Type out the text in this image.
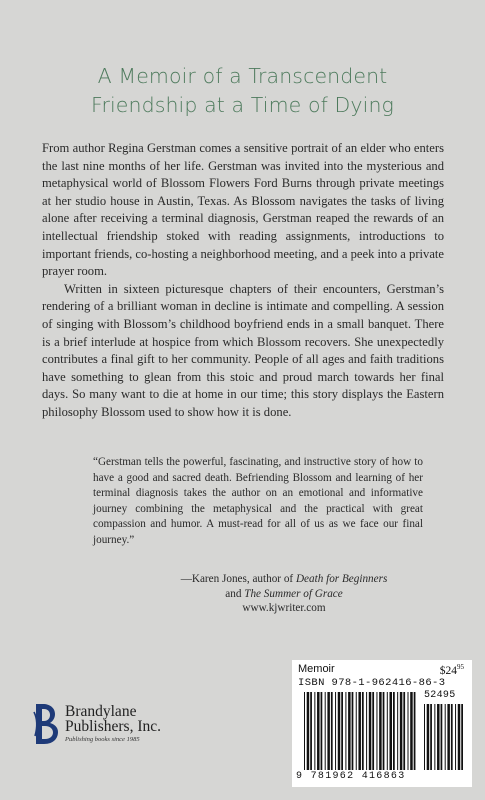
A Memoir of a Transcendent
Friendship at a Time of Dying

From author Regina Gerstman comes a sensitive portrait of an elder who enters the last nine months of her life. Gerstman was invited into the mysterious and metaphysical world of Blossom Flowers Ford Burns through private meetings at her studio house in Austin, Texas. As Blossom navigates the tasks of living alone after receiving a terminal diagnosis, Gerstman reaped the rewards of an intellectual friendship stoked with reading assignments, introductions to important friends, co-hosting a neighborhood meeting, and a peek into a private prayer room.

Written in sixteen picturesque chapters of their encounters, Gerstman’s rendering of a brilliant woman in decline is intimate and compelling. A session of singing with Blossom’s childhood boyfriend ends in a small banquet. There is a brief interlude at hospice from which Blossom recovers. She unexpectedly contributes a final gift to her community. People of all ages and faith traditions have something to glean from this stoic and proud march towards her final days. So many want to die at home in our time; this story displays the Eastern philosophy Blossom used to show how it is done.

“Gerstman tells the powerful, fascinating, and instructive story of how to have a good and sacred death. Befriending Blossom and learning of her terminal diagnosis takes the author on an emotional and informative journey combining the metaphysical and the practical with great compassion and humor. A must-read for all of us as we face our final journey.”

—Karen Jones, author of Death for Beginners
and The Summer of Grace
www.kjwriter.com
Brandylane
Publishers, Inc.
Publishing books since 1985
Memoir	$\$24^{95}$
ISBN 978-1-962416-86-3
52495
9 781962 416863
